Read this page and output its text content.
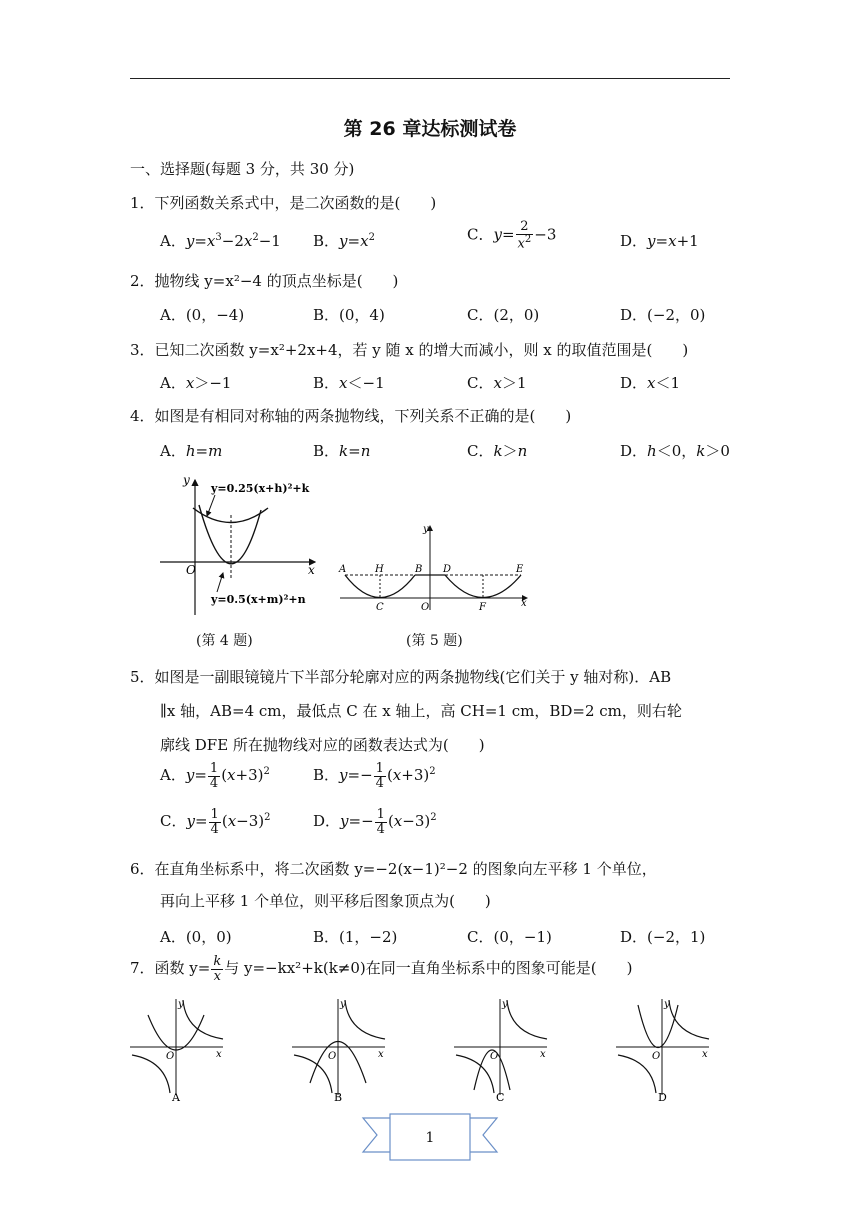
第 26 章达标测试卷
一、选择题(每题 3 分，共 30 分)
1．下列函数关系式中，是二次函数的是(　　)
A．$y=x^3-2x^2-1$ B．$y=x^2$	C．$y= \frac{2}{x^2} -3$	D．y=x+1
2．抛物线 y=x²−4 的顶点坐标是(　　)
A．(0，−4)	B．(0，4)	C．(2，0)	D．(−2，0)
3．已知二次函数 y=x²+2x+4，若 y 随 x 的增大而减小，则 x 的取值范围是(　　)
A．x＞−1	B．x＜−1	C．x＞1	D．x＜1
4．如图是有相同对称轴的两条抛物线，下列关系不正确的是(　　)
A．h=m	B．k=n	C．k＞n	D．h＜0，k＞0
y
x
O
y=0.25(x+h)²+k
y=0.5(x+m)²+n
(第 4 题)
y
x
A	H	B D	E
C	O	F
(第 5 题)
5．如图是一副眼镜镜片下半部分轮廓对应的两条抛物线(它们关于 y 轴对称)．AB
∥x 轴，AB=4 cm，最低点 C 在 x 轴上，高 CH=1 cm，BD=2 cm，则右轮
廓线 DFE 所在抛物线对应的函数表达式为(　　)
A．$y= \frac{1}{4} (x+3)^2$	B．$y=- \frac{1}{4} (x+3)^2$
C．$y= \frac{1}{4} (x-3)^2$	D．$y=- \frac{1}{4} (x-3)^2$
6．在直角坐标系中，将二次函数 y=−2(x−1)²−2 的图象向左平移 1 个单位，
再向上平移 1 个单位，则平移后图象顶点为(　　)
A．(0，0)	B．(1，−2)	C．(0，−1)	D．(−2，1)
7．函数 $y= \frac{k}{x}$ 与 y=−kx²+k(k≠0)在同一直角坐标系中的图象可能是(　　)
y
x
O
A
y
x
O
B
y
x
O
C
y
x
O
D
1
